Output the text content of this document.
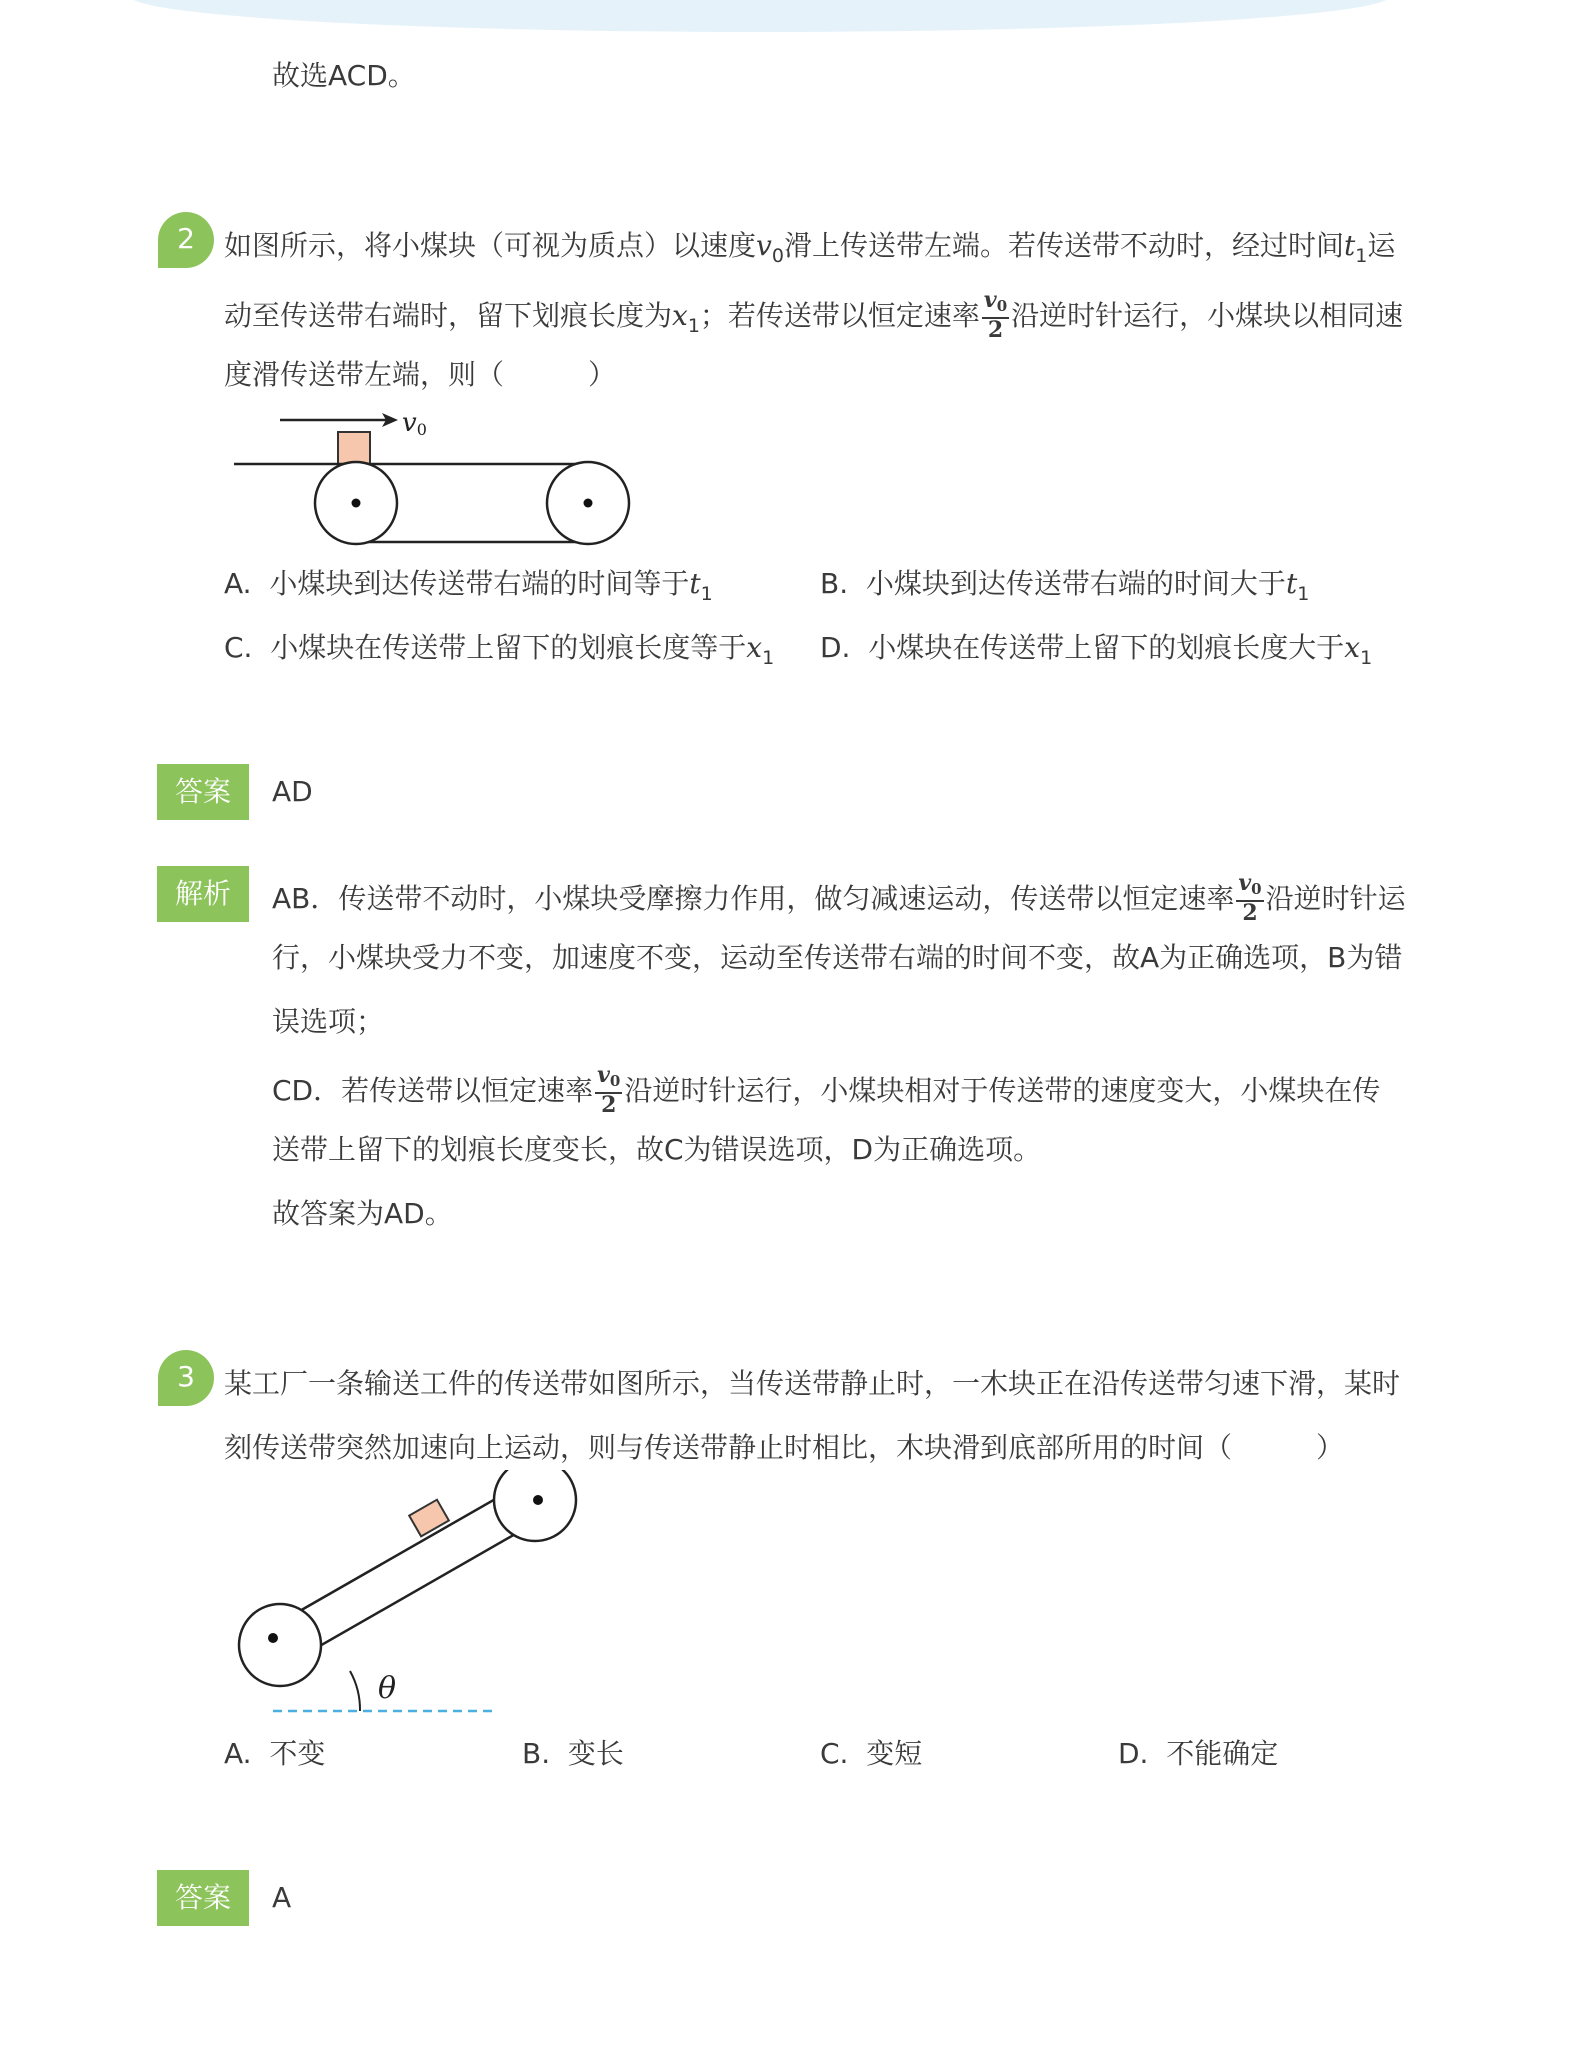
故选ACD。
2	如图所示，将小煤块（可视为质点）以速度$v_0$滑上传送带左端。若传送带不动时，经过时间$t_1$运
动至传送带右端时，留下划痕长度为$x_1$；若传送带以恒定速率 $\frac{v_0}{2}$ 沿逆时针运行，小煤块以相同速
度滑传送带左端，则（　　　）
v0
A. 小煤块到达传送带右端的时间等于$t_1$	B. 小煤块到达传送带右端的时间大于$t_1$
C. 小煤块在传送带上留下的划痕长度等于$x_1$ D. 小煤块在传送带上留下的划痕长度大于$x_1$
答案	AD
解析	AB．传送带不动时，小煤块受摩擦力作用，做匀减速运动，传送带以恒定速率 $\frac{v_0}{2}$ 沿逆时针运
行，小煤块受力不变，加速度不变，运动至传送带右端的时间不变，故A为正确选项，B为错
误选项；
CD．若传送带以恒定速率 $\frac{v_0}{2}$ 沿逆时针运行，小煤块相对于传送带的速度变大，小煤块在传
送带上留下的划痕长度变长，故C为错误选项，D为正确选项。
故答案为AD。
3	某工厂一条输送工件的传送带如图所示，当传送带静止时，一木块正在沿传送带匀速下滑，某时
刻传送带突然加速向上运动，则与传送带静止时相比，木块滑到底部所用的时间（　　　）
θ
A. 不变	B. 变长	C. 变短	D. 不能确定
答案	A
